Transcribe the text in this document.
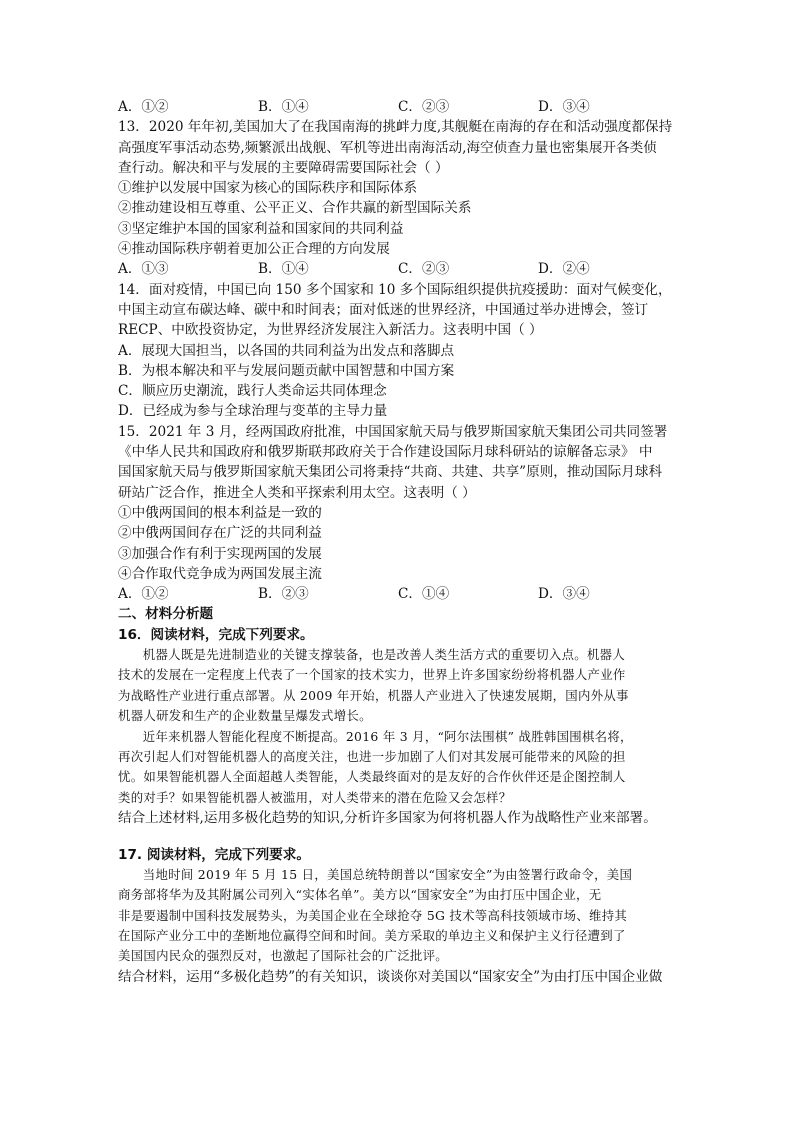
A．①②	B．①④	C．②③	D．③④
13．2020 年年初,美国加大了在我国南海的挑衅力度,其舰艇在南海的存在和活动强度都保持
高强度军事活动态势,频繁派出战舰、军机等进出南海活动,海空侦查力量也密集展开各类侦
查行动。解决和平与发展的主要障碍需要国际社会（ ）
①维护以发展中国家为核心的国际秩序和国际体系
②推动建设相互尊重、公平正义、合作共赢的新型国际关系
③坚定维护本国的国家利益和国家间的共同利益
④推动国际秩序朝着更加公正合理的方向发展
A．①③	B．①④	C．②③	D．②④
14．面对疫情，中国已向 150 多个国家和 10 多个国际组织提供抗疫援助：面对气候变化，
中国主动宣布碳达峰、碳中和时间表；面对低迷的世界经济，中国通过举办进博会，签订
RECP、中欧投资协定，为世界经济发展注入新活力。这表明中国（ ）
A．展现大国担当，以各国的共同利益为出发点和落脚点
B．为根本解决和平与发展问题贡献中国智慧和中国方案
C．顺应历史潮流，践行人类命运共同体理念
D．已经成为参与全球治理与变革的主导力量
15．2021 年 3 月，经两国政府批准，中国国家航天局与俄罗斯国家航天集团公司共同签署
《中华人民共和国政府和俄罗斯联邦政府关于合作建设国际月球科研站的谅解备忘录》 中
国国家航天局与俄罗斯国家航天集团公司将秉持“共商、共建、共享”原则，推动国际月球科
研站广泛合作，推进全人类和平探索利用太空。这表明（ ）
①中俄两国间的根本利益是一致的
②中俄两国间存在广泛的共同利益
③加强合作有利于实现两国的发展
④合作取代竞争成为两国发展主流
A．①②	B．②③	C．①④	D．③④
二、材料分析题
16．阅读材料，完成下列要求。
机器人既是先进制造业的关键支撑装备，也是改善人类生活方式的重要切入点。机器人
技术的发展在一定程度上代表了一个国家的技术实力，世界上许多国家纷纷将机器人产业作
为战略性产业进行重点部署。从 2009 年开始，机器人产业进入了快速发展期，国内外从事
机器人研发和生产的企业数量呈爆发式增长。
近年来机器人智能化程度不断提高。2016 年 3 月，“阿尔法围棋” 战胜韩国围棋名将，
再次引起人们对智能机器人的高度关注，也进一步加剧了人们对其发展可能带来的风险的担
忧。如果智能机器人全面超越人类智能，人类最终面对的是友好的合作伙伴还是企图控制人
类的对手？如果智能机器人被滥用，对人类带来的潜在危险又会怎样？
结合上述材料,运用多极化趋势的知识,分析许多国家为何将机器人作为战略性产业来部署。
17. 阅读材料，完成下列要求。
当地时间 2019 年 5 月 15 日，美国总统特朗普以“国家安全”为由签署行政命令，美国
商务部将华为及其附属公司列入“实体名单”。美方以“国家安全”为由打压中国企业，无
非是要遏制中国科技发展势头，为美国企业在全球抢夺 5G 技术等高科技领域市场、维持其
在国际产业分工中的垄断地位赢得空间和时间。美方采取的单边主义和保护主义行径遭到了
美国国内民众的强烈反对，也激起了国际社会的广泛批评。
结合材料，运用“多极化趋势”的有关知识，谈谈你对美国以“国家安全”为由打压中国企业做
